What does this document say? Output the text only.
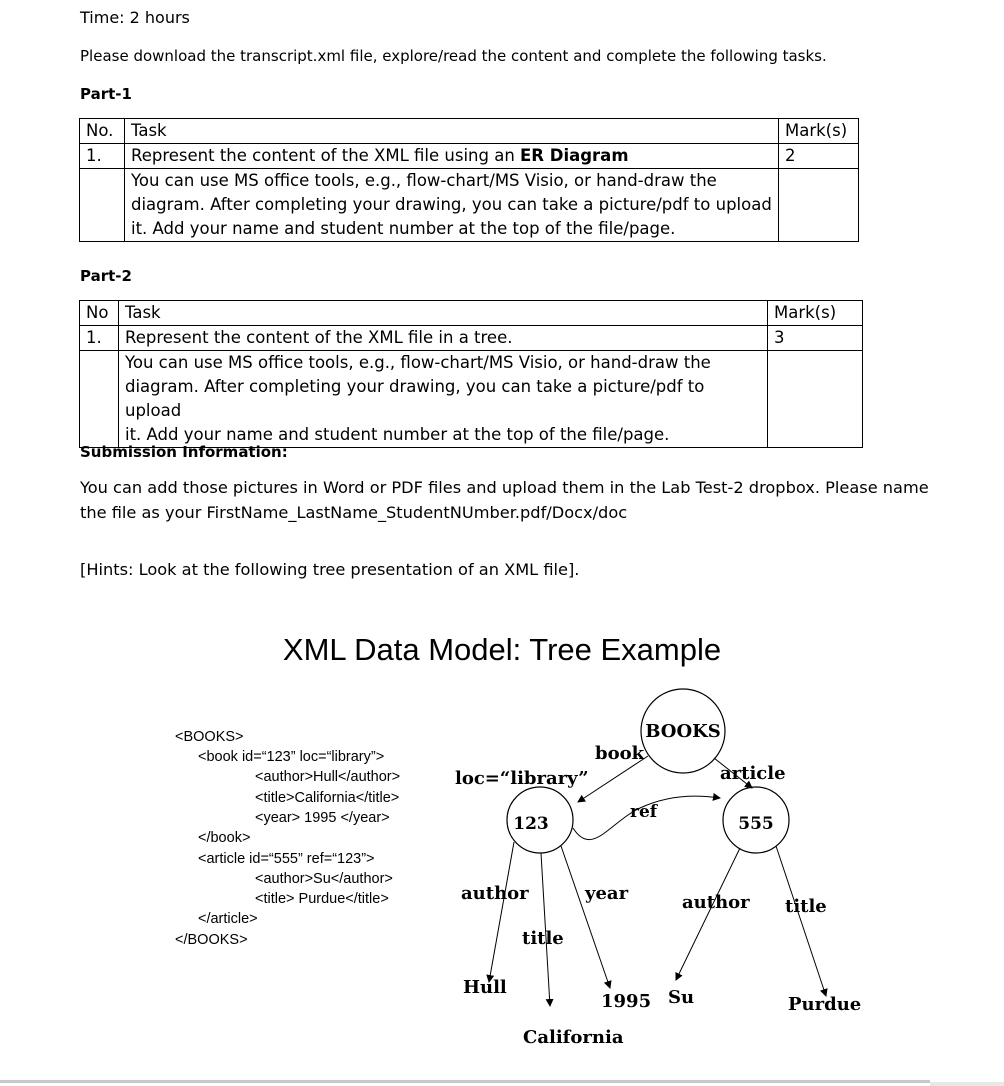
Time: 2 hours
Please download the transcript.xml file, explore/read the content and complete the following tasks.
Part-1
No.	Task	Mark(s)
1.	Represent the content of the XML file using an ER Diagram	2

	You can use MS office tools, e.g., flow-chart/MS Visio, or hand-draw the
diagram. After completing your drawing, you can take a picture/pdf to upload
it. Add your name and student number at the top of the file/page.	

Part-2
No	Task	Mark(s)
1.	Represent the content of the XML file in a tree.	3

	You can use MS office tools, e.g., flow-chart/MS Visio, or hand-draw the
diagram. After completing your drawing, you can take a picture/pdf to upload
it. Add your name and student number at the top of the file/page.	

Submission Information:
You can add those pictures in Word or PDF files and upload them in the Lab Test-2 dropbox. Please name
the file as your FirstName_LastName_StudentNUmber.pdf/Docx/doc
[Hints: Look at the following tree presentation of an XML file].
XML Data Model: Tree Example
<BOOKS>
<book id=“123” loc=“library”>
<author>Hull</author>
<title>California</title>
<year> 1995 </year>
</book>
<article id=“555” ref=“123”>
<author>Su</author>
<title> Purdue</title>
</article>
</BOOKS>
BOOKS
123	555
book
article
loc=“library”
ref
author
title
year	author title
Hull
California
1995 Su	Purdue
